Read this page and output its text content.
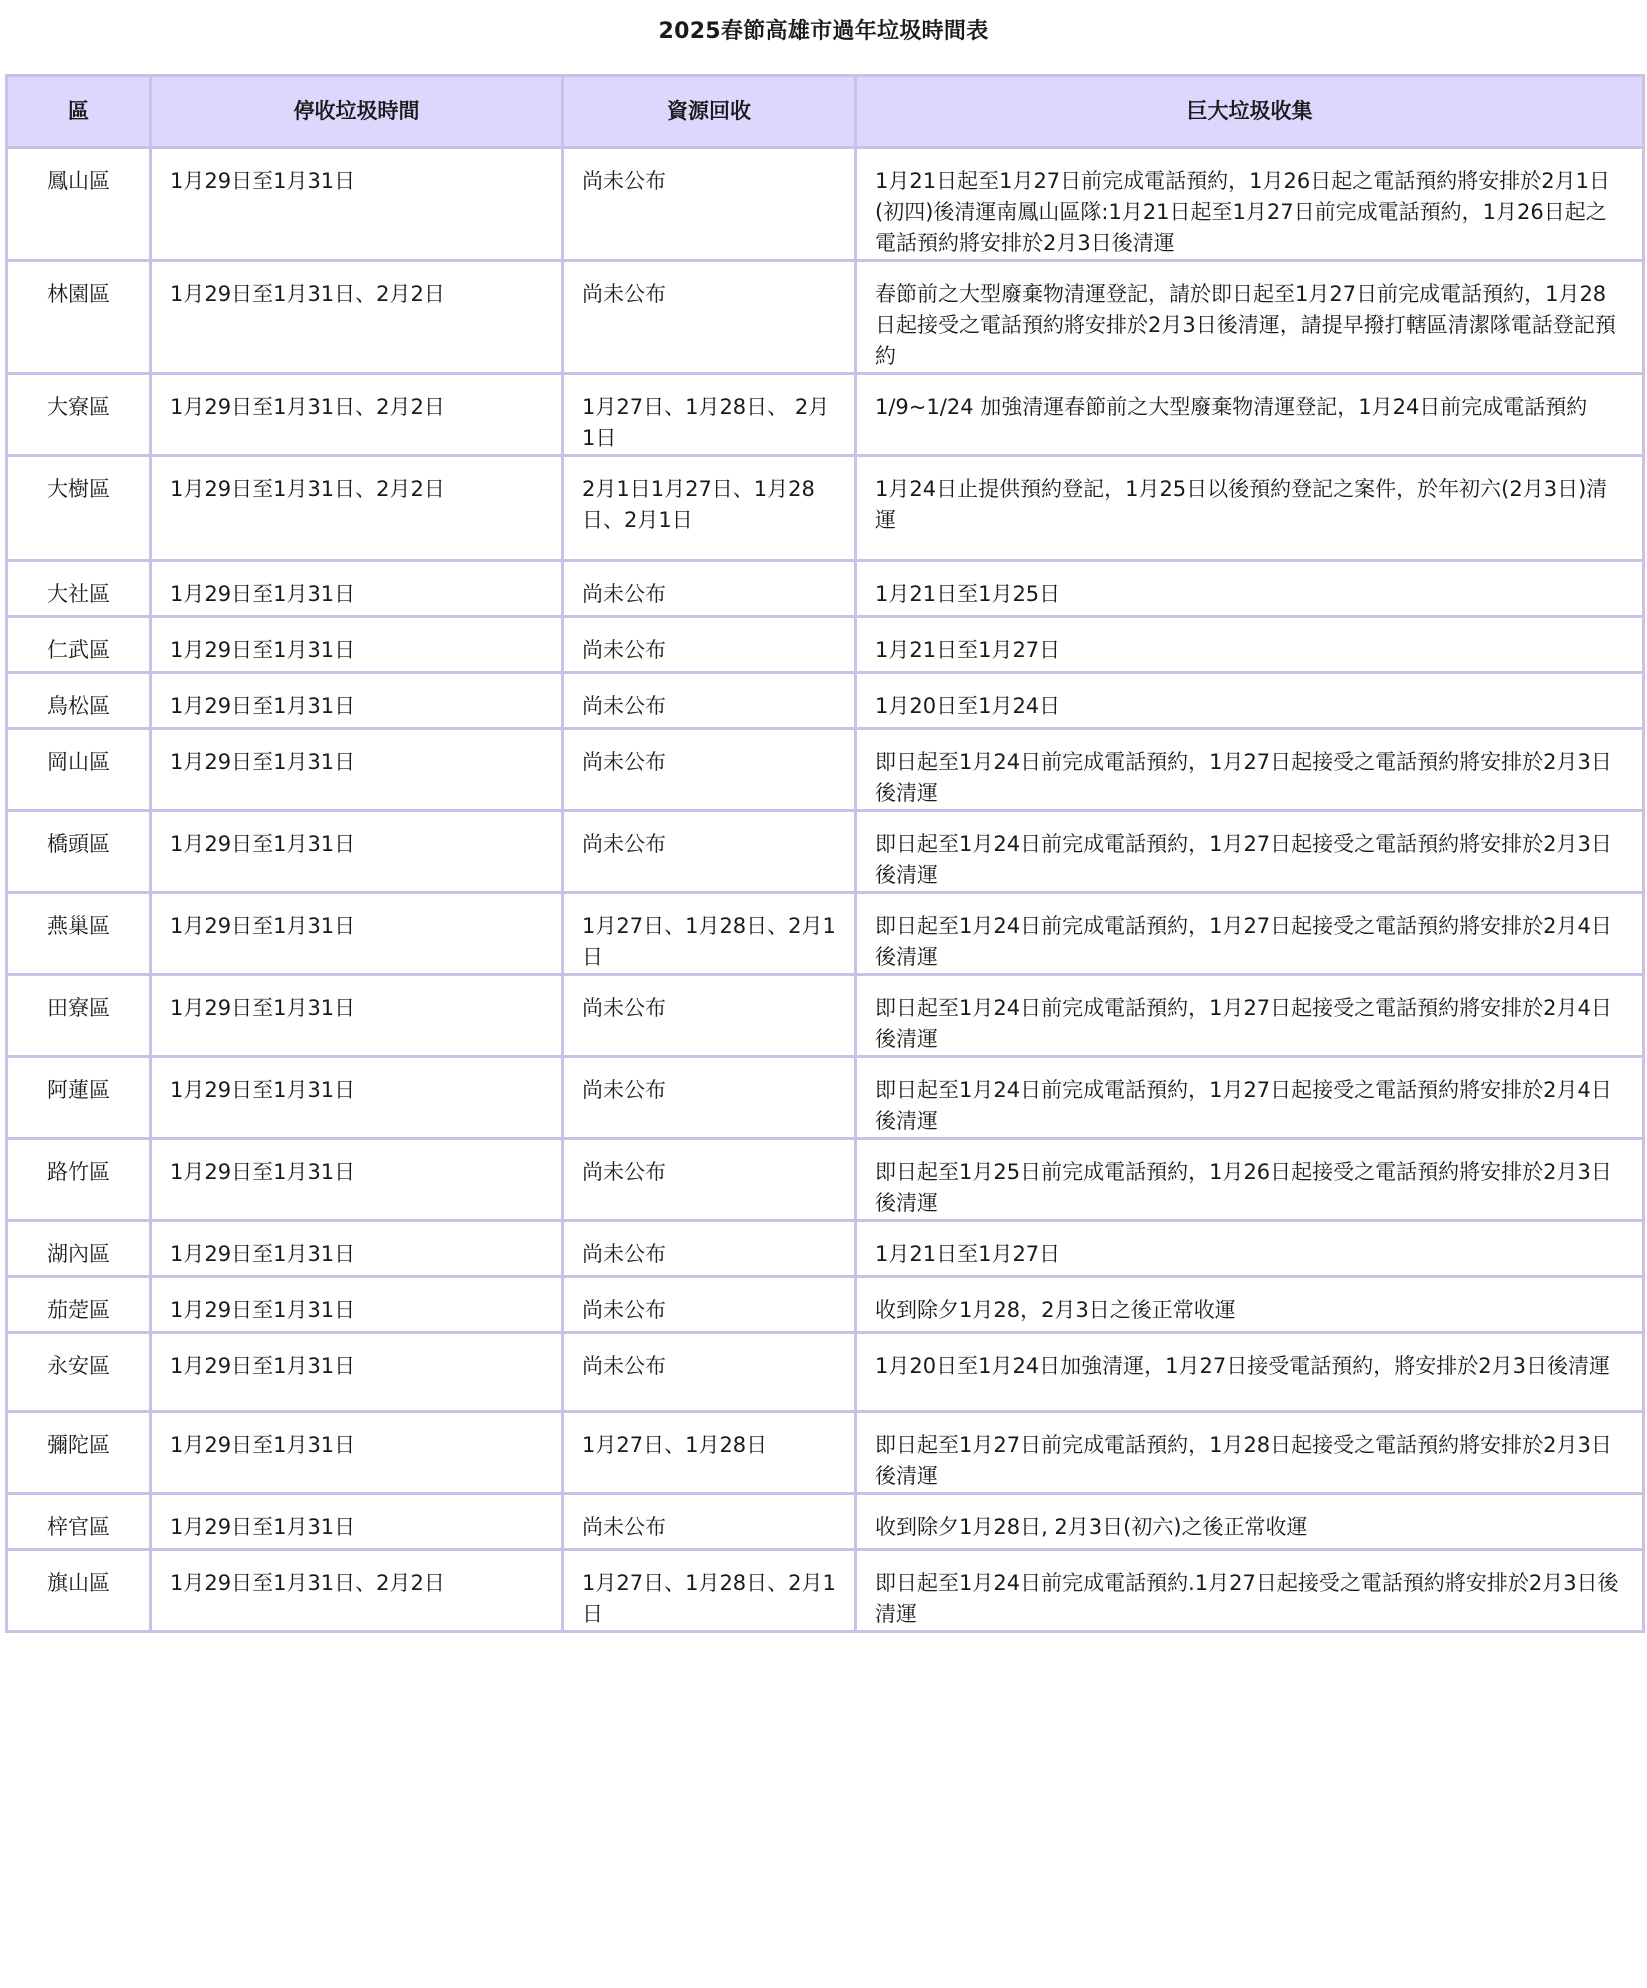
2025春節高雄市過年垃圾時間表
區	停收垃圾時間	資源回收	巨大垃圾收集
鳳山區	1月29日至1月31日	尚未公布	1月21日起至1月27日前完成電話預約，1月26日起之電話預約將安排於2月1日(初四)後清運南鳳山區隊:1月21日起至1月27日前完成電話預約，1月26日起之電話預約將安排於2月3日後清運
林園區	1月29日至1月31日、2月2日	尚未公布	春節前之大型廢棄物清運登記，請於即日起至1月27日前完成電話預約，1月28日起接受之電話預約將安排於2月3日後清運，請提早撥打轄區清潔隊電話登記預約
大寮區	1月29日至1月31日、2月2日	1月27日、1月28日、 2月1日	1/9~1/24 加強清運春節前之大型廢棄物清運登記，1月24日前完成電話預約
大樹區	1月29日至1月31日、2月2日	2月1日1月27日、1月28日、2月1日	1月24日止提供預約登記，1月25日以後預約登記之案件，於年初六(2月3日)清運
大社區	1月29日至1月31日	尚未公布	1月21日至1月25日
仁武區	1月29日至1月31日	尚未公布	1月21日至1月27日
鳥松區	1月29日至1月31日	尚未公布	1月20日至1月24日
岡山區	1月29日至1月31日	尚未公布	即日起至1月24日前完成電話預約，1月27日起接受之電話預約將安排於2月3日後清運
橋頭區	1月29日至1月31日	尚未公布	即日起至1月24日前完成電話預約，1月27日起接受之電話預約將安排於2月3日後清運
燕巢區	1月29日至1月31日	1月27日、1月28日、2月1日	即日起至1月24日前完成電話預約，1月27日起接受之電話預約將安排於2月4日後清運
田寮區	1月29日至1月31日	尚未公布	即日起至1月24日前完成電話預約，1月27日起接受之電話預約將安排於2月4日後清運
阿蓮區	1月29日至1月31日	尚未公布	即日起至1月24日前完成電話預約，1月27日起接受之電話預約將安排於2月4日後清運
路竹區	1月29日至1月31日	尚未公布	即日起至1月25日前完成電話預約，1月26日起接受之電話預約將安排於2月3日後清運
湖內區	1月29日至1月31日	尚未公布	1月21日至1月27日
茄萣區	1月29日至1月31日	尚未公布	收到除夕1月28，2月3日之後正常收運
永安區	1月29日至1月31日	尚未公布	1月20日至1月24日加強清運，1月27日接受電話預約，將安排於2月3日後清運
彌陀區	1月29日至1月31日	1月27日、1月28日	即日起至1月27日前完成電話預約，1月28日起接受之電話預約將安排於2月3日後清運
梓官區	1月29日至1月31日	尚未公布	收到除夕1月28日, 2月3日(初六)之後正常收運
旗山區	1月29日至1月31日、2月2日	1月27日、1月28日、2月1日	即日起至1月24日前完成電話預約.1月27日起接受之電話預約將安排於2月3日後清運
